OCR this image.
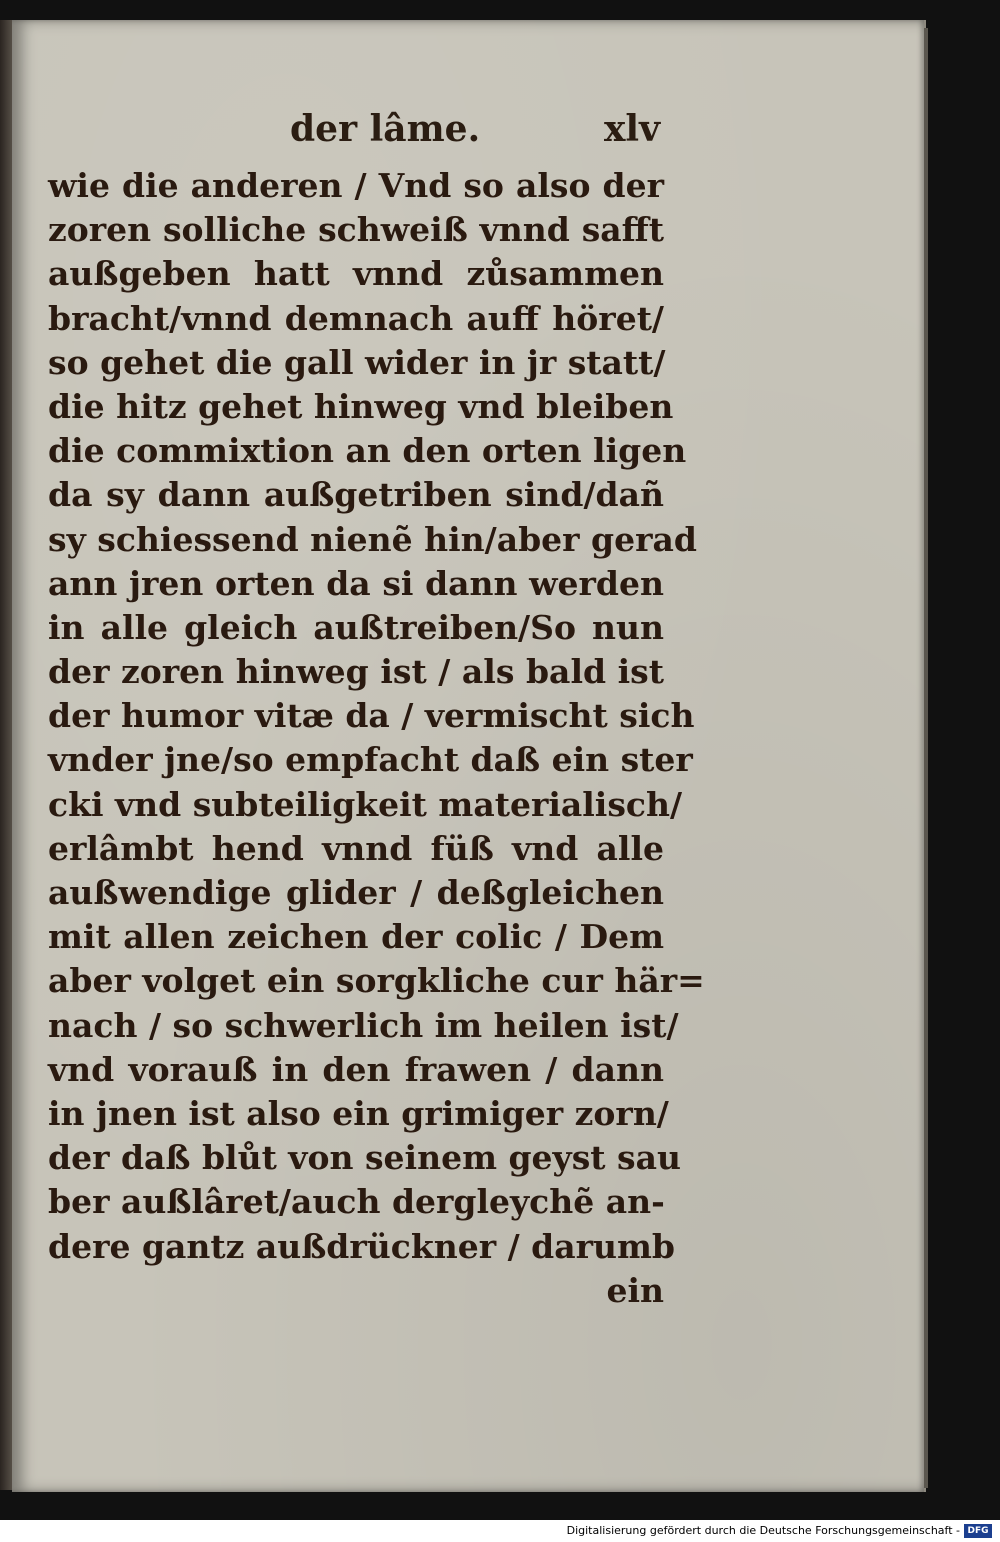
der lâme.	xlv
wie die anderen / Vnd so also der
zoren solliche schweiß vnnd safft
außgeben hatt vnnd zůsammen
bracht/vnnd demnach auff höret/
so gehet die gall wider in jr statt/
die hitz gehet hinweg vnd bleiben
die commixtion an den orten ligen
da sy dann außgetriben sind/dañ
sy schiessend nienẽ hin/aber gerad
ann jren orten da si dann werden
in alle gleich außtreiben/So nun
der zoren hinweg ist / als bald ist
der humor vitæ da / vermischt sich
vnder jne/so empfacht daß ein ster
cki vnd subteiligkeit materialisch/
erlâmbt hend vnnd füß vnd alle
außwendige glider / deßgleichen
mit allen zeichen der colic / Dem
aber volget ein sorgkliche cur här=
nach / so schwerlich im heilen ist/
vnd vorauß in den frawen / dann
in jnen ist also ein grimiger zorn/
der daß blůt von seinem geyst sau
ber außlâret/auch dergleychẽ an-
dere gantz außdrückner / darumb
ein
Digitalisierung gefördert durch die Deutsche Forschungsgemeinschaft - DFG
